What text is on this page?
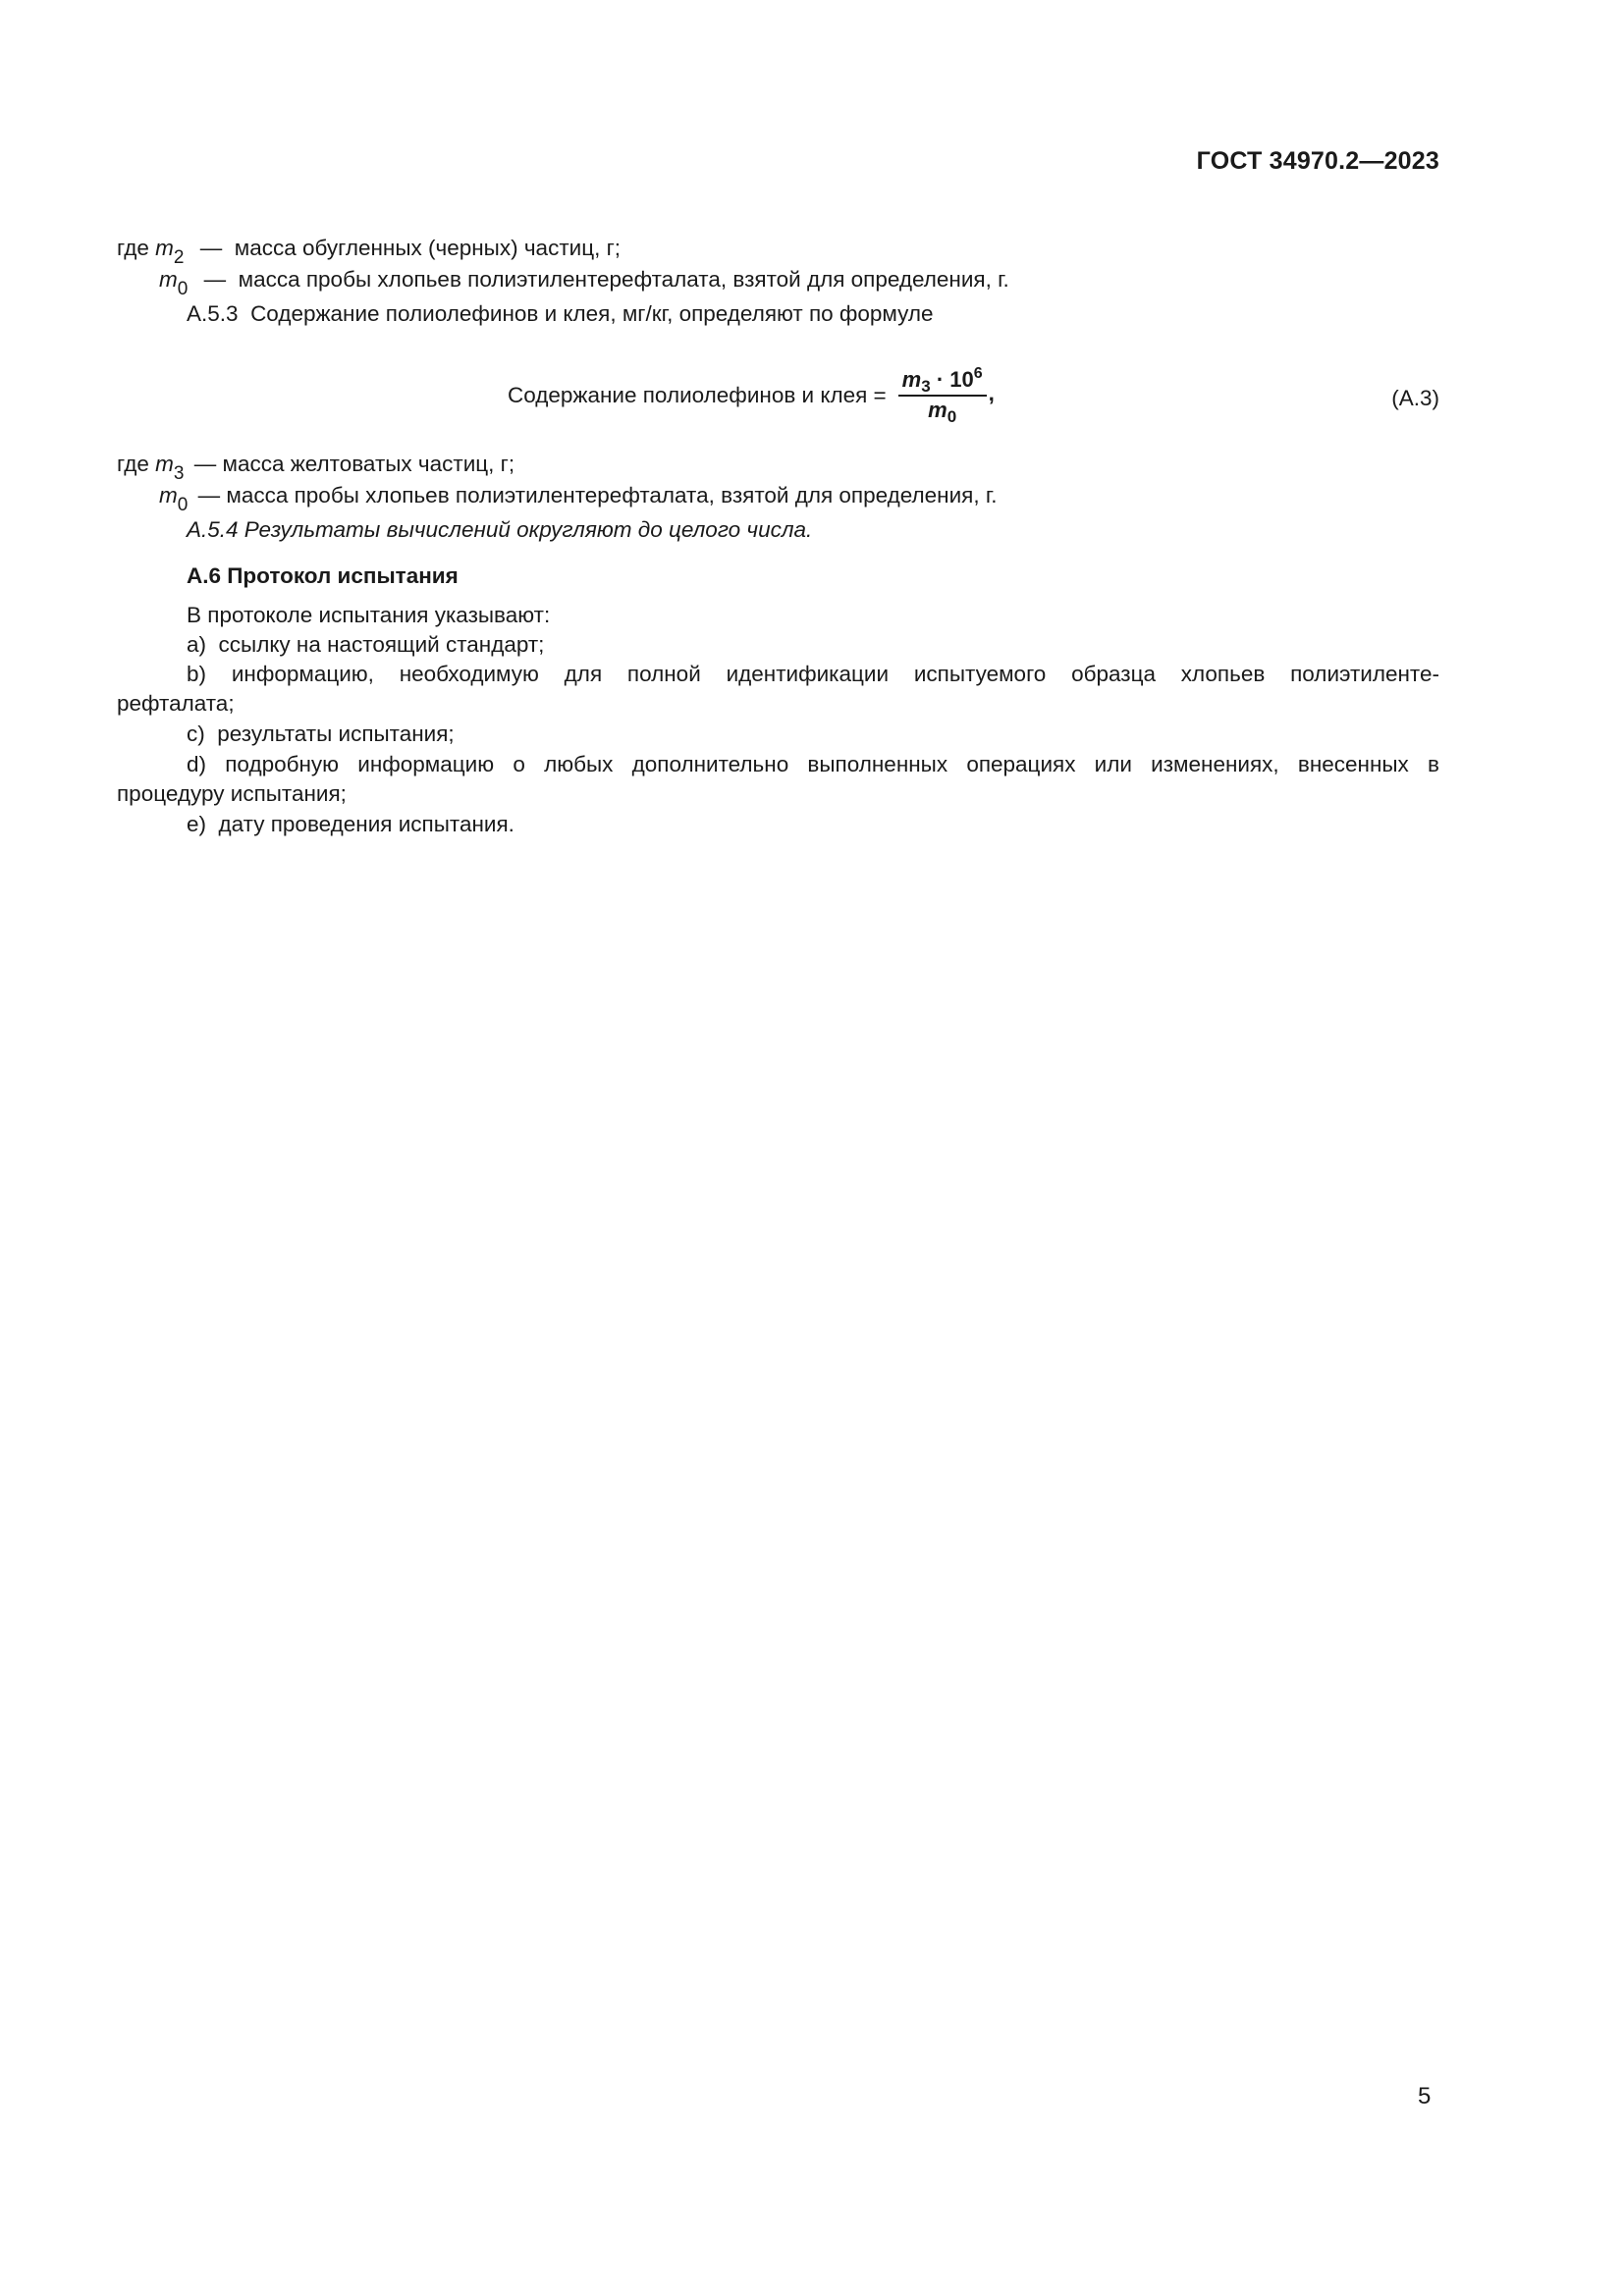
ГОСТ 34970.2—2023
где $m_2$ — масса обугленных (черных) частиц, г;
$m_0$ — масса пробы хлопьев полиэтилентерефталата, взятой для определения, г.
А.5.3 Содержание полиолефинов и клея, мг/кг, определяют по формуле
Содержание полиолефинов и клея = $\frac{m_3 \cdot 10^6}{m_0}$ ,	(А.3)
где $m_3$ — масса желтоватых частиц, г;
$m_0$ — масса пробы хлопьев полиэтилентерефталата, взятой для определения, г.
А.5.4 Результаты вычислений округляют до целого числа.
А.6 Протокол испытания
В протоколе испытания указывают:
а) ссылку на настоящий стандарт;
b) информацию, необходимую для полной идентификации испытуемого образца хлопьев полиэтиленте-
рефталата;
с) результаты испытания;
d) подробную информацию о любых дополнительно выполненных операциях или изменениях, внесенных в
процедуру испытания;
е) дату проведения испытания.
5
